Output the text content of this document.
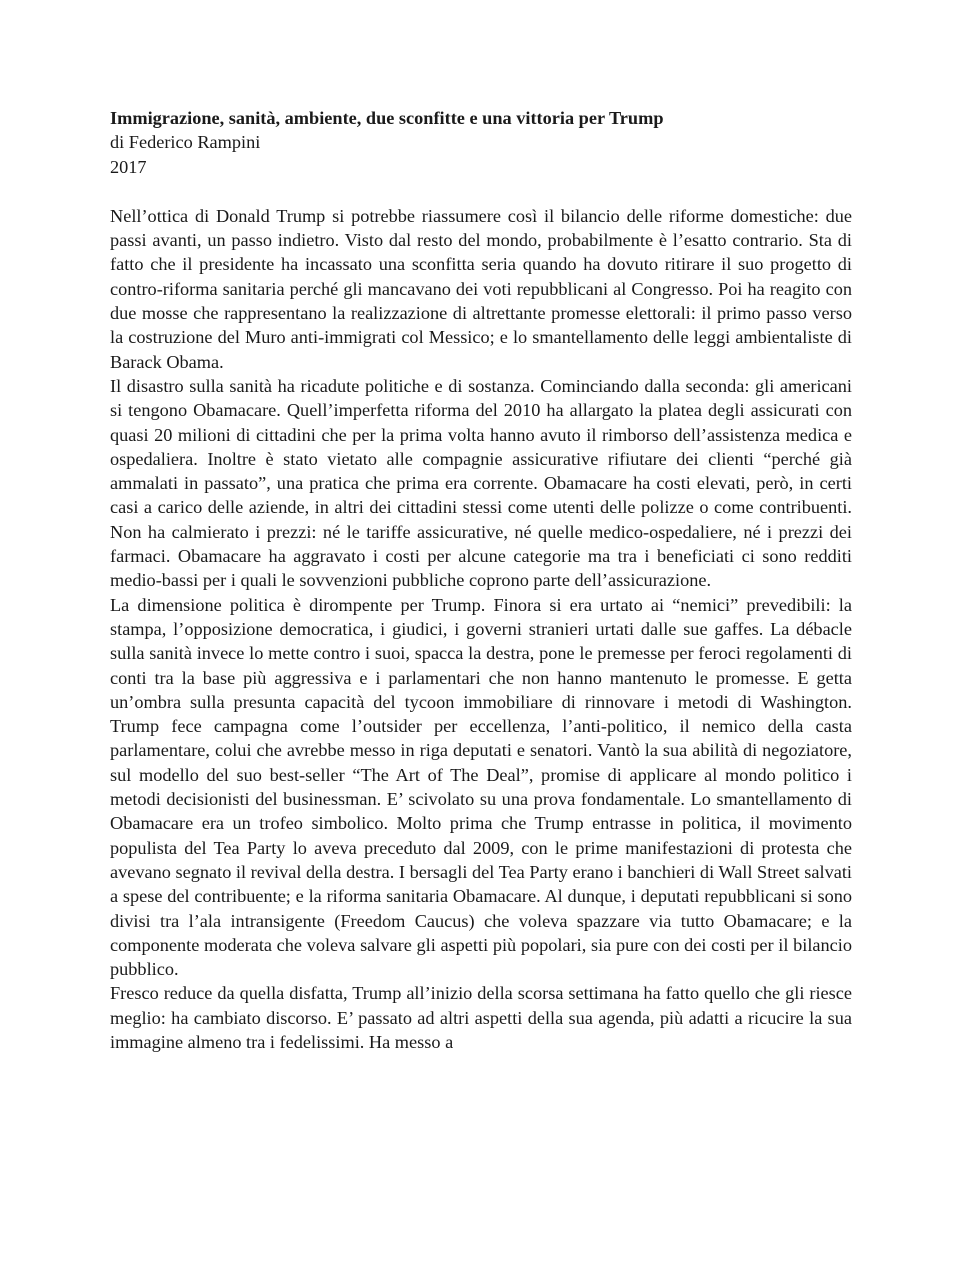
Immigrazione, sanità, ambiente, due sconfitte e una vittoria per Trump

di Federico Rampini

2017

Nell’ottica di Donald Trump si potrebbe riassumere così il bilancio delle riforme domestiche: due passi avanti, un passo indietro. Visto dal resto del mondo, probabilmente è l’esatto contrario. Sta di fatto che il presidente ha incassato una sconfitta seria quando ha dovuto ritirare il suo progetto di contro-riforma sanitaria perché gli mancavano dei voti repubblicani al Congresso. Poi ha reagito con due mosse che rappresentano la realizzazione di altrettante promesse elettorali: il primo passo verso la costruzione del Muro anti-immigrati col Messico; e lo smantellamento delle leggi ambientaliste di Barack Obama.

Il disastro sulla sanità ha ricadute politiche e di sostanza. Cominciando dalla seconda: gli americani si tengono Obamacare. Quell’imperfetta riforma del 2010 ha allargato la platea degli assicurati con quasi 20 milioni di cittadini che per la prima volta hanno avuto il rimborso dell’assistenza medica e ospedaliera. Inoltre è stato vietato alle compagnie assicurative rifiutare dei clienti “perché già ammalati in passato”, una pratica che prima era corrente. Obamacare ha costi elevati, però, in certi casi a carico delle aziende, in altri dei cittadini stessi come utenti delle polizze o come contribuenti. Non ha calmierato i prezzi: né le tariffe assicurative, né quelle medico-ospedaliere, né i prezzi dei farmaci. Obamacare ha aggravato i costi per alcune categorie ma tra i beneficiati ci sono redditi medio-bassi per i quali le sovvenzioni pubbliche coprono parte dell’assicurazione.

La dimensione politica è dirompente per Trump. Finora si era urtato ai “nemici” prevedibili: la stampa, l’opposizione democratica, i giudici, i governi stranieri urtati dalle sue gaffes. La débacle sulla sanità invece lo mette contro i suoi, spacca la destra, pone le premesse per feroci regolamenti di conti tra la base più aggressiva e i parlamentari che non hanno mantenuto le promesse. E getta un’ombra sulla presunta capacità del tycoon immobiliare di rinnovare i metodi di Washington. Trump fece campagna come l’outsider per eccellenza, l’anti-politico, il nemico della casta parlamentare, colui che avrebbe messo in riga deputati e senatori. Vantò la sua abilità di negoziatore, sul modello del suo best-seller “The Art of The Deal”, promise di applicare al mondo politico i metodi decisionisti del businessman. E’ scivolato su una prova fondamentale. Lo smantellamento di Obamacare era un trofeo simbolico. Molto prima che Trump entrasse in politica, il movimento populista del Tea Party lo aveva preceduto dal 2009, con le prime manifestazioni di protesta che avevano segnato il revival della destra. I bersagli del Tea Party erano i banchieri di Wall Street salvati a spese del contribuente; e la riforma sanitaria Obamacare. Al dunque, i deputati repubblicani si sono divisi tra l’ala intransigente (Freedom Caucus) che voleva spazzare via tutto Obamacare; e la componente moderata che voleva salvare gli aspetti più popolari, sia pure con dei costi per il bilancio pubblico.

Fresco reduce da quella disfatta, Trump all’inizio della scorsa settimana ha fatto quello che gli riesce meglio: ha cambiato discorso. E’ passato ad altri aspetti della sua agenda, più adatti a ricucire la sua immagine almeno tra i fedelissimi. Ha messo a
